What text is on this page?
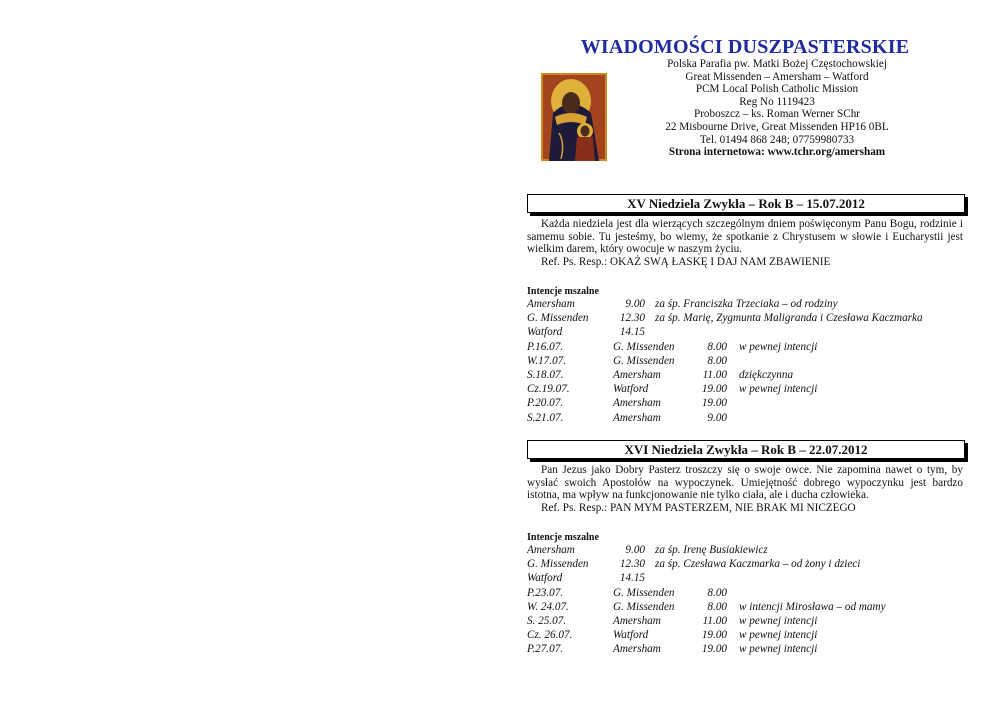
WIADOMOŚCI DUSZPASTERSKIE
Polska Parafia pw. Matki Bożej Częstochowskiej
Great Missenden – Amersham – Watford
PCM Local Polish Catholic Mission
Reg No 1119423
Proboszcz – ks. Roman Werner SChr
22 Misbourne Drive, Great Missenden HP16 0BL
Tel. 01494 868 248; 07759980733
Strona internetowa: www.tchr.org/amersham
XV Niedziela Zwykła – Rok B – 15.07.2012

Każda niedziela jest dla wierzących szczególnym dniem poświęconym Panu Bogu, rodzinie i samemu sobie. Tu jesteśmy, bo wiemy, że spotkanie z Chrystusem w słowie i Eucharystii jest wielkim darem, który owocuje w naszym życiu.

Ref. Ps. Resp.: OKAŻ SWĄ ŁASKĘ I DAJ NAM ZBAWIENIE

Intencje mszalne
Amersham	9.00 za śp. Franciszka Trzeciaka – od rodziny
G. Missenden	12.30 za śp. Marię, Zygmunta Maligranda i Czesława Kaczmarka
Watford	14.15
P.16.07.	G. Missenden	8.00 w pewnej intencji
W.17.07.	G. Missenden	8.00
S.18.07.	Amersham	11.00 dziękczynna
Cz.19.07.	Watford	19.00 w pewnej intencji
P.20.07.	Amersham	19.00
S.21.07.	Amersham	9.00
XVI Niedziela Zwykła – Rok B – 22.07.2012

Pan Jezus jako Dobry Pasterz troszczy się o swoje owce. Nie zapomina nawet o tym, by wysłać swoich Apostołów na wypoczynek. Umiejętność dobrego wypoczynku jest bardzo istotna, ma wpływ na funkcjonowanie nie tylko ciała, ale i ducha człowieka.

Ref. Ps. Resp.: PAN MYM PASTERZEM, NIE BRAK MI NICZEGO

Intencje mszalne
Amersham	9.00 za śp. Irenę Busiakiewicz
G. Missenden	12.30 za śp. Czesława Kaczmarka – od żony i dzieci
Watford	14.15
P.23.07.	G. Missenden	8.00
W. 24.07.	G. Missenden	8.00 w intencji Mirosława – od mamy
S. 25.07.	Amersham	11.00 w pewnej intencji
Cz. 26.07.	Watford	19.00 w pewnej intencji
P.27.07.	Amersham	19.00 w pewnej intencji
